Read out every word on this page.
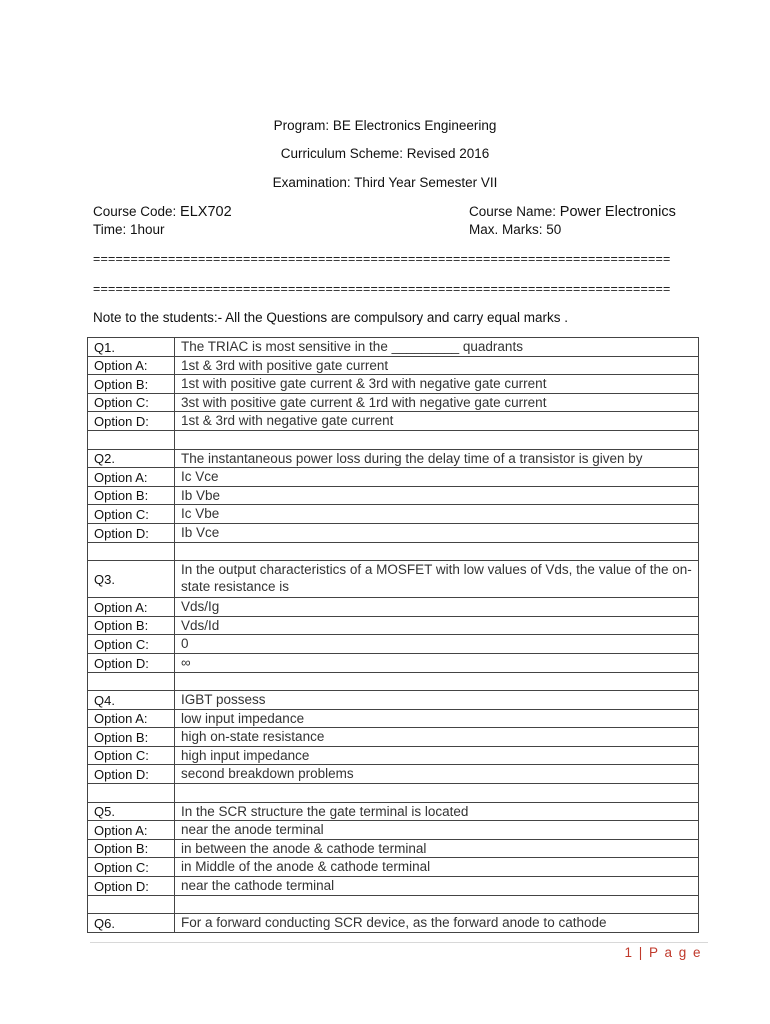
Program: BE Electronics Engineering
Curriculum Scheme: Revised 2016
Examination: Third Year Semester VII
Course Code: ELX702	Course Name: Power Electronics
Time: 1hour	Max. Marks: 50
=============================================================================
=============================================================================
Note to the students:- All the Questions are compulsory and carry equal marks .
Q1.	The TRIAC is most sensitive in the _________ quadrants
Option A:	1st & 3rd with positive gate current
Option B:	1st with positive gate current & 3rd with negative gate current
Option C:	3st with positive gate current & 1rd with negative gate current
Option D:	1st & 3rd with negative gate current

Q2.	The instantaneous power loss during the delay time of a transistor is given by
Option A:	Ic Vce
Option B:	Ib Vbe
Option C:	Ic Vbe
Option D:	Ib Vce

Q3.	In the output characteristics of a MOSFET with low values of Vds, the value of the on-state resistance is
Option A:	Vds/Ig
Option B:	Vds/Id
Option C:	0
Option D:	∞

Q4.	IGBT possess
Option A:	low input impedance
Option B:	high on-state resistance
Option C:	high input impedance
Option D:	second breakdown problems

Q5.	In the SCR structure the gate terminal is located
Option A:	near the anode terminal
Option B:	in between the anode & cathode terminal
Option C:	in Middle of the anode & cathode terminal
Option D:	near the cathode terminal

Q6.	For a forward conducting SCR device, as the forward anode to cathode
1 | P a g e
